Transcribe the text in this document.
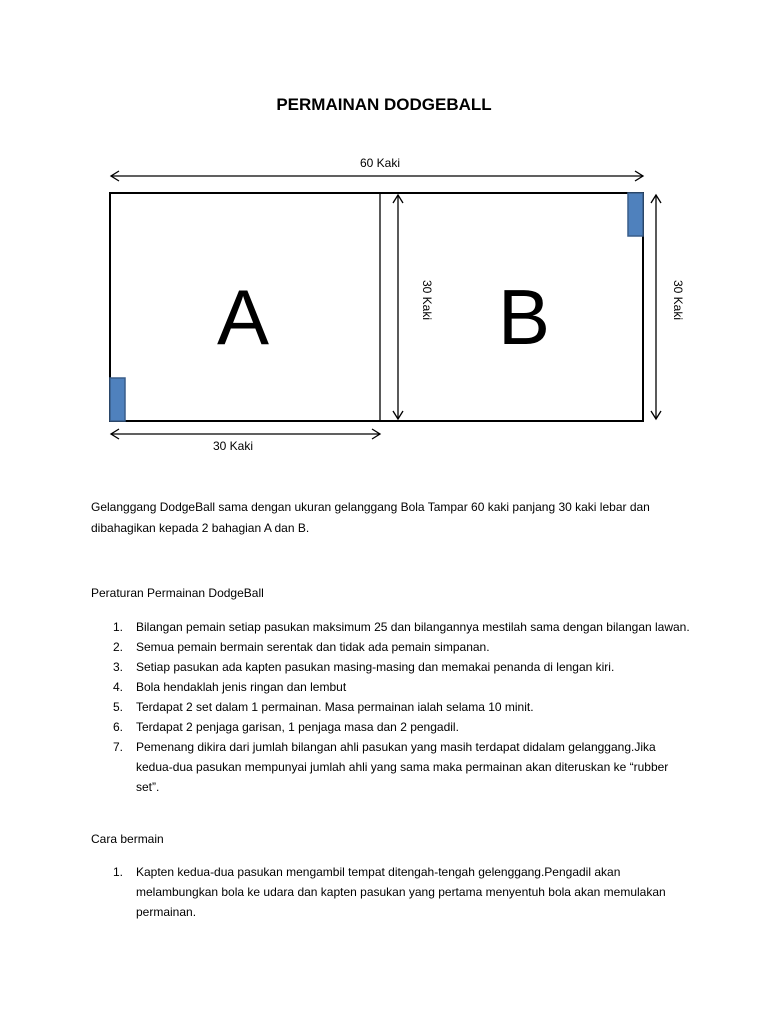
PERMAINAN DODGEBALL
60 Kaki
30 Kaki	30 Kaki
A	B
30 Kaki
Gelanggang DodgeBall sama dengan ukuran gelanggang Bola Tampar 60 kaki panjang 30 kaki lebar dan dibahagikan kepada 2 bahagian A dan B.
Peraturan Permainan DodgeBall
1. Bilangan pemain setiap pasukan maksimum 25 dan bilangannya mestilah sama dengan bilangan lawan.
2. Semua pemain bermain serentak dan tidak ada pemain simpanan.
3. Setiap pasukan ada kapten pasukan masing-masing dan memakai penanda di lengan kiri.
4. Bola hendaklah jenis ringan dan lembut
5. Terdapat 2 set dalam 1 permainan. Masa permainan ialah selama 10 minit.
6. Terdapat 2 penjaga garisan, 1 penjaga masa dan 2 pengadil.
7. Pemenang dikira dari jumlah bilangan ahli pasukan yang masih terdapat didalam gelanggang.Jika kedua-dua pasukan mempunyai jumlah ahli yang sama maka permainan akan diteruskan ke “rubber set”.
Cara bermain
1. Kapten kedua-dua pasukan mengambil tempat ditengah-tengah gelenggang.Pengadil akan melambungkan bola ke udara dan kapten pasukan yang pertama menyentuh bola akan memulakan permainan.
